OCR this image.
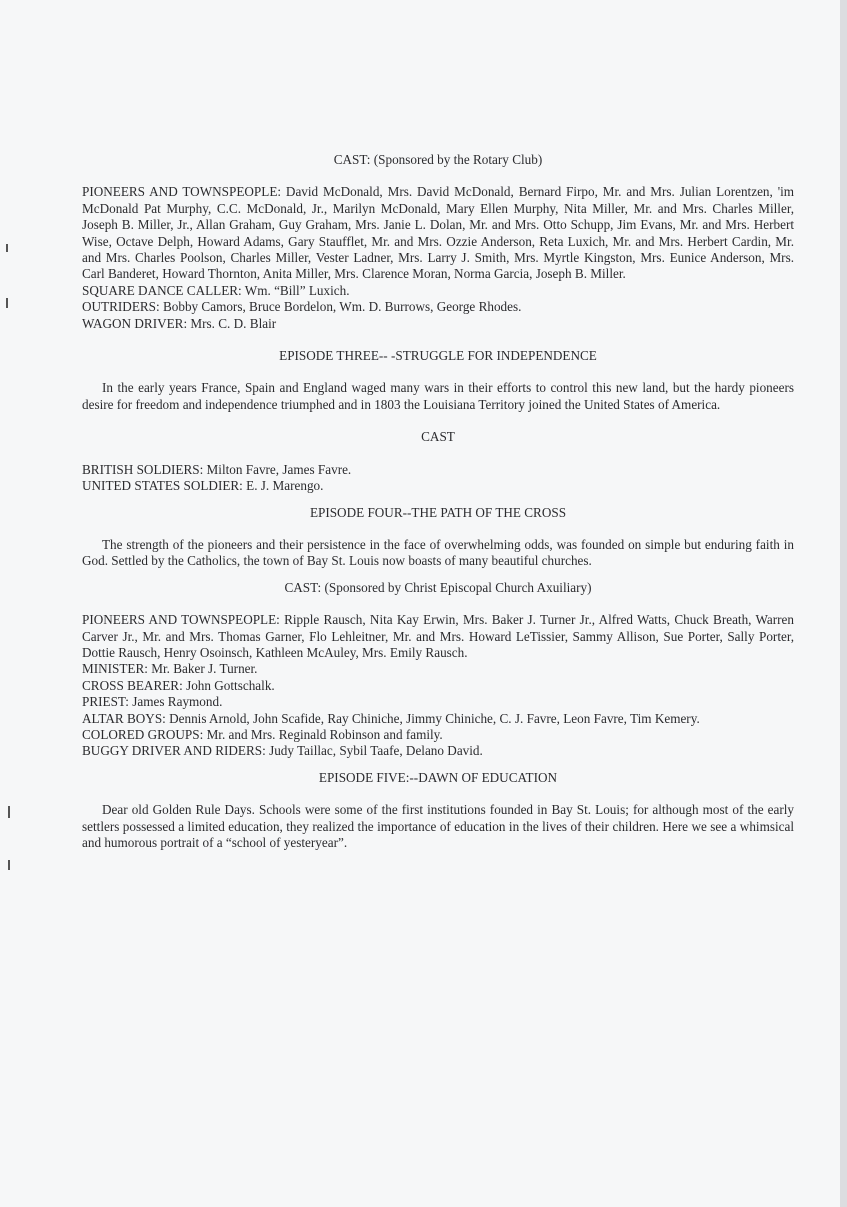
CAST: (Sponsored by the Rotary Club)

PIONEERS AND TOWNSPEOPLE: David McDonald, Mrs. David McDonald, Bernard Firpo, Mr. and Mrs. Julian Lorentzen, 'im McDonald Pat Murphy, C.C. McDonald, Jr., Marilyn McDonald, Mary Ellen Murphy, Nita Miller, Mr. and Mrs. Charles Miller, Joseph B. Miller, Jr., Allan Graham, Guy Graham, Mrs. Janie L. Dolan, Mr. and Mrs. Otto Schupp, Jim Evans, Mr. and Mrs. Herbert Wise, Octave Delph, Howard Adams, Gary Staufflet, Mr. and Mrs. Ozzie Anderson, Reta Luxich, Mr. and Mrs. Herbert Cardin, Mr. and Mrs. Charles Poolson, Charles Miller, Vester Ladner, Mrs. Larry J. Smith, Mrs. Myrtle Kingston, Mrs. Eunice Anderson, Mrs. Carl Banderet, Howard Thornton, Anita Miller, Mrs. Clarence Moran, Norma Garcia, Joseph B. Miller.

SQUARE DANCE CALLER: Wm. “Bill” Luxich.

OUTRIDERS: Bobby Camors, Bruce Bordelon, Wm. D. Burrows, George Rhodes.

WAGON DRIVER: Mrs. C. D. Blair

EPISODE THREE-- -STRUGGLE FOR INDEPENDENCE

In the early years France, Spain and England waged many wars in their efforts to control this new land, but the hardy pioneers desire for freedom and independence triumphed and in 1803 the Louisiana Territory joined the United States of America.

CAST

BRITISH SOLDIERS: Milton Favre, James Favre.

UNITED STATES SOLDIER: E. J. Marengo.

EPISODE FOUR--THE PATH OF THE CROSS

The strength of the pioneers and their persistence in the face of overwhelming odds, was founded on simple but enduring faith in God. Settled by the Catholics, the town of Bay St. Louis now boasts of many beautiful churches.

CAST: (Sponsored by Christ Episcopal Church Axuiliary)

PIONEERS AND TOWNSPEOPLE: Ripple Rausch, Nita Kay Erwin, Mrs. Baker J. Turner Jr., Alfred Watts, Chuck Breath, Warren Carver Jr., Mr. and Mrs. Thomas Garner, Flo Lehleitner, Mr. and Mrs. Howard LeTissier, Sammy Allison, Sue Porter, Sally Porter, Dottie Rausch, Henry Osoinsch, Kathleen McAuley, Mrs. Emily Rausch.

MINISTER: Mr. Baker J. Turner.

CROSS BEARER: John Gottschalk.

PRIEST: James Raymond.

ALTAR BOYS: Dennis Arnold, John Scafide, Ray Chiniche, Jimmy Chiniche, C. J. Favre, Leon Favre, Tim Kemery.

COLORED GROUPS: Mr. and Mrs. Reginald Robinson and family.

BUGGY DRIVER AND RIDERS: Judy Taillac, Sybil Taafe, Delano David.

EPISODE FIVE:--DAWN OF EDUCATION

Dear old Golden Rule Days. Schools were some of the first institutions founded in Bay St. Louis; for although most of the early settlers possessed a limited education, they realized the importance of education in the lives of their children. Here we see a whimsical and humorous portrait of a “school of yesteryear”.
